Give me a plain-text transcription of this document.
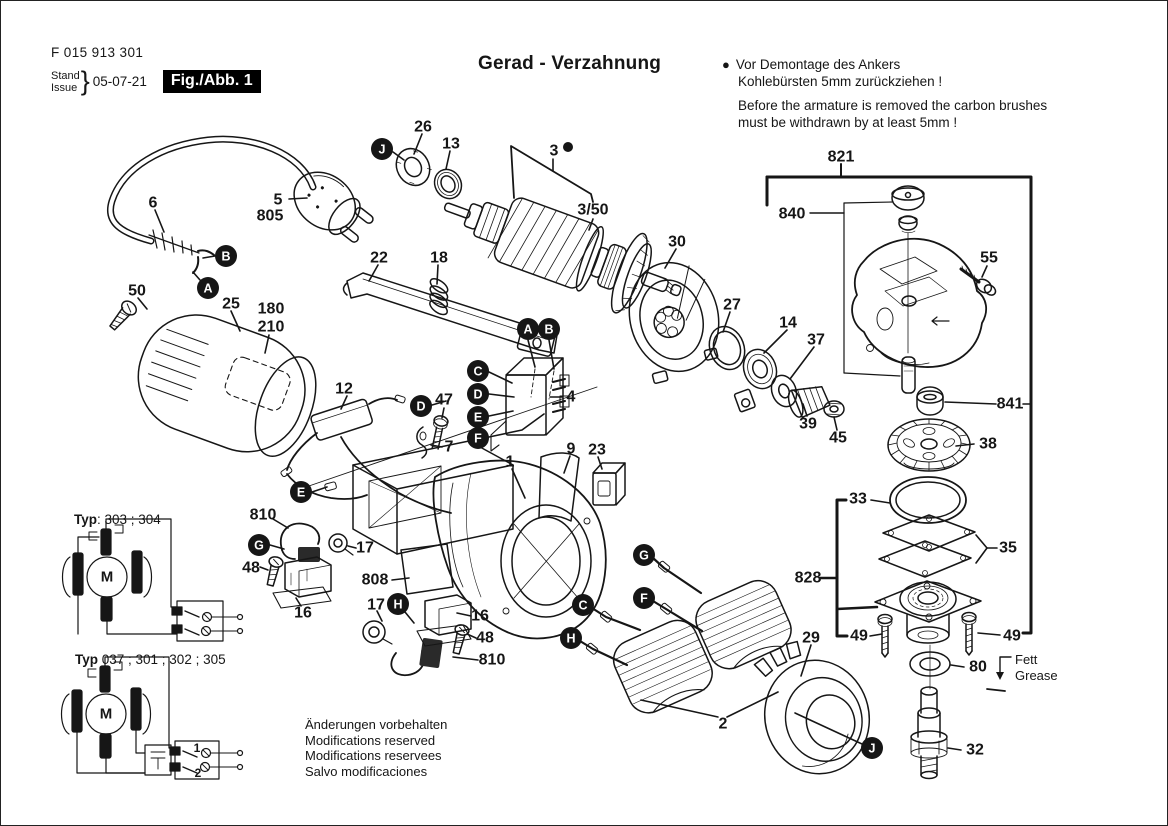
26
13	3
3/50
30
821
840
55
841
27
14
37
39
45	38
33
35
828
49	49
80
32
29
2
6	5
805
50
25 180
210
22	18
4
12
47
7
1
9 23
810
48
16
17
808
17
16
48
810
M
M
1
2
J
B
A
A B
C
D
E
F
D
E
G
H	C
H
G
F
J
F 015 913 301
Stand
Issue } 05-07-21	Fig./Abb. 1
Gerad - Verzahnung	● Vor Demontage des Ankers
Kohlebürsten 5mm zurückziehen !
Before the armature is removed the carbon brushes
must be withdrawn by at least 5mm !
Typ: 303 ; 304
Typ 037 ; 301 ; 302 ; 305	Fett
Grease
Änderungen vorbehalten
Modifications reserved
Modifications reservees
Salvo modificaciones
